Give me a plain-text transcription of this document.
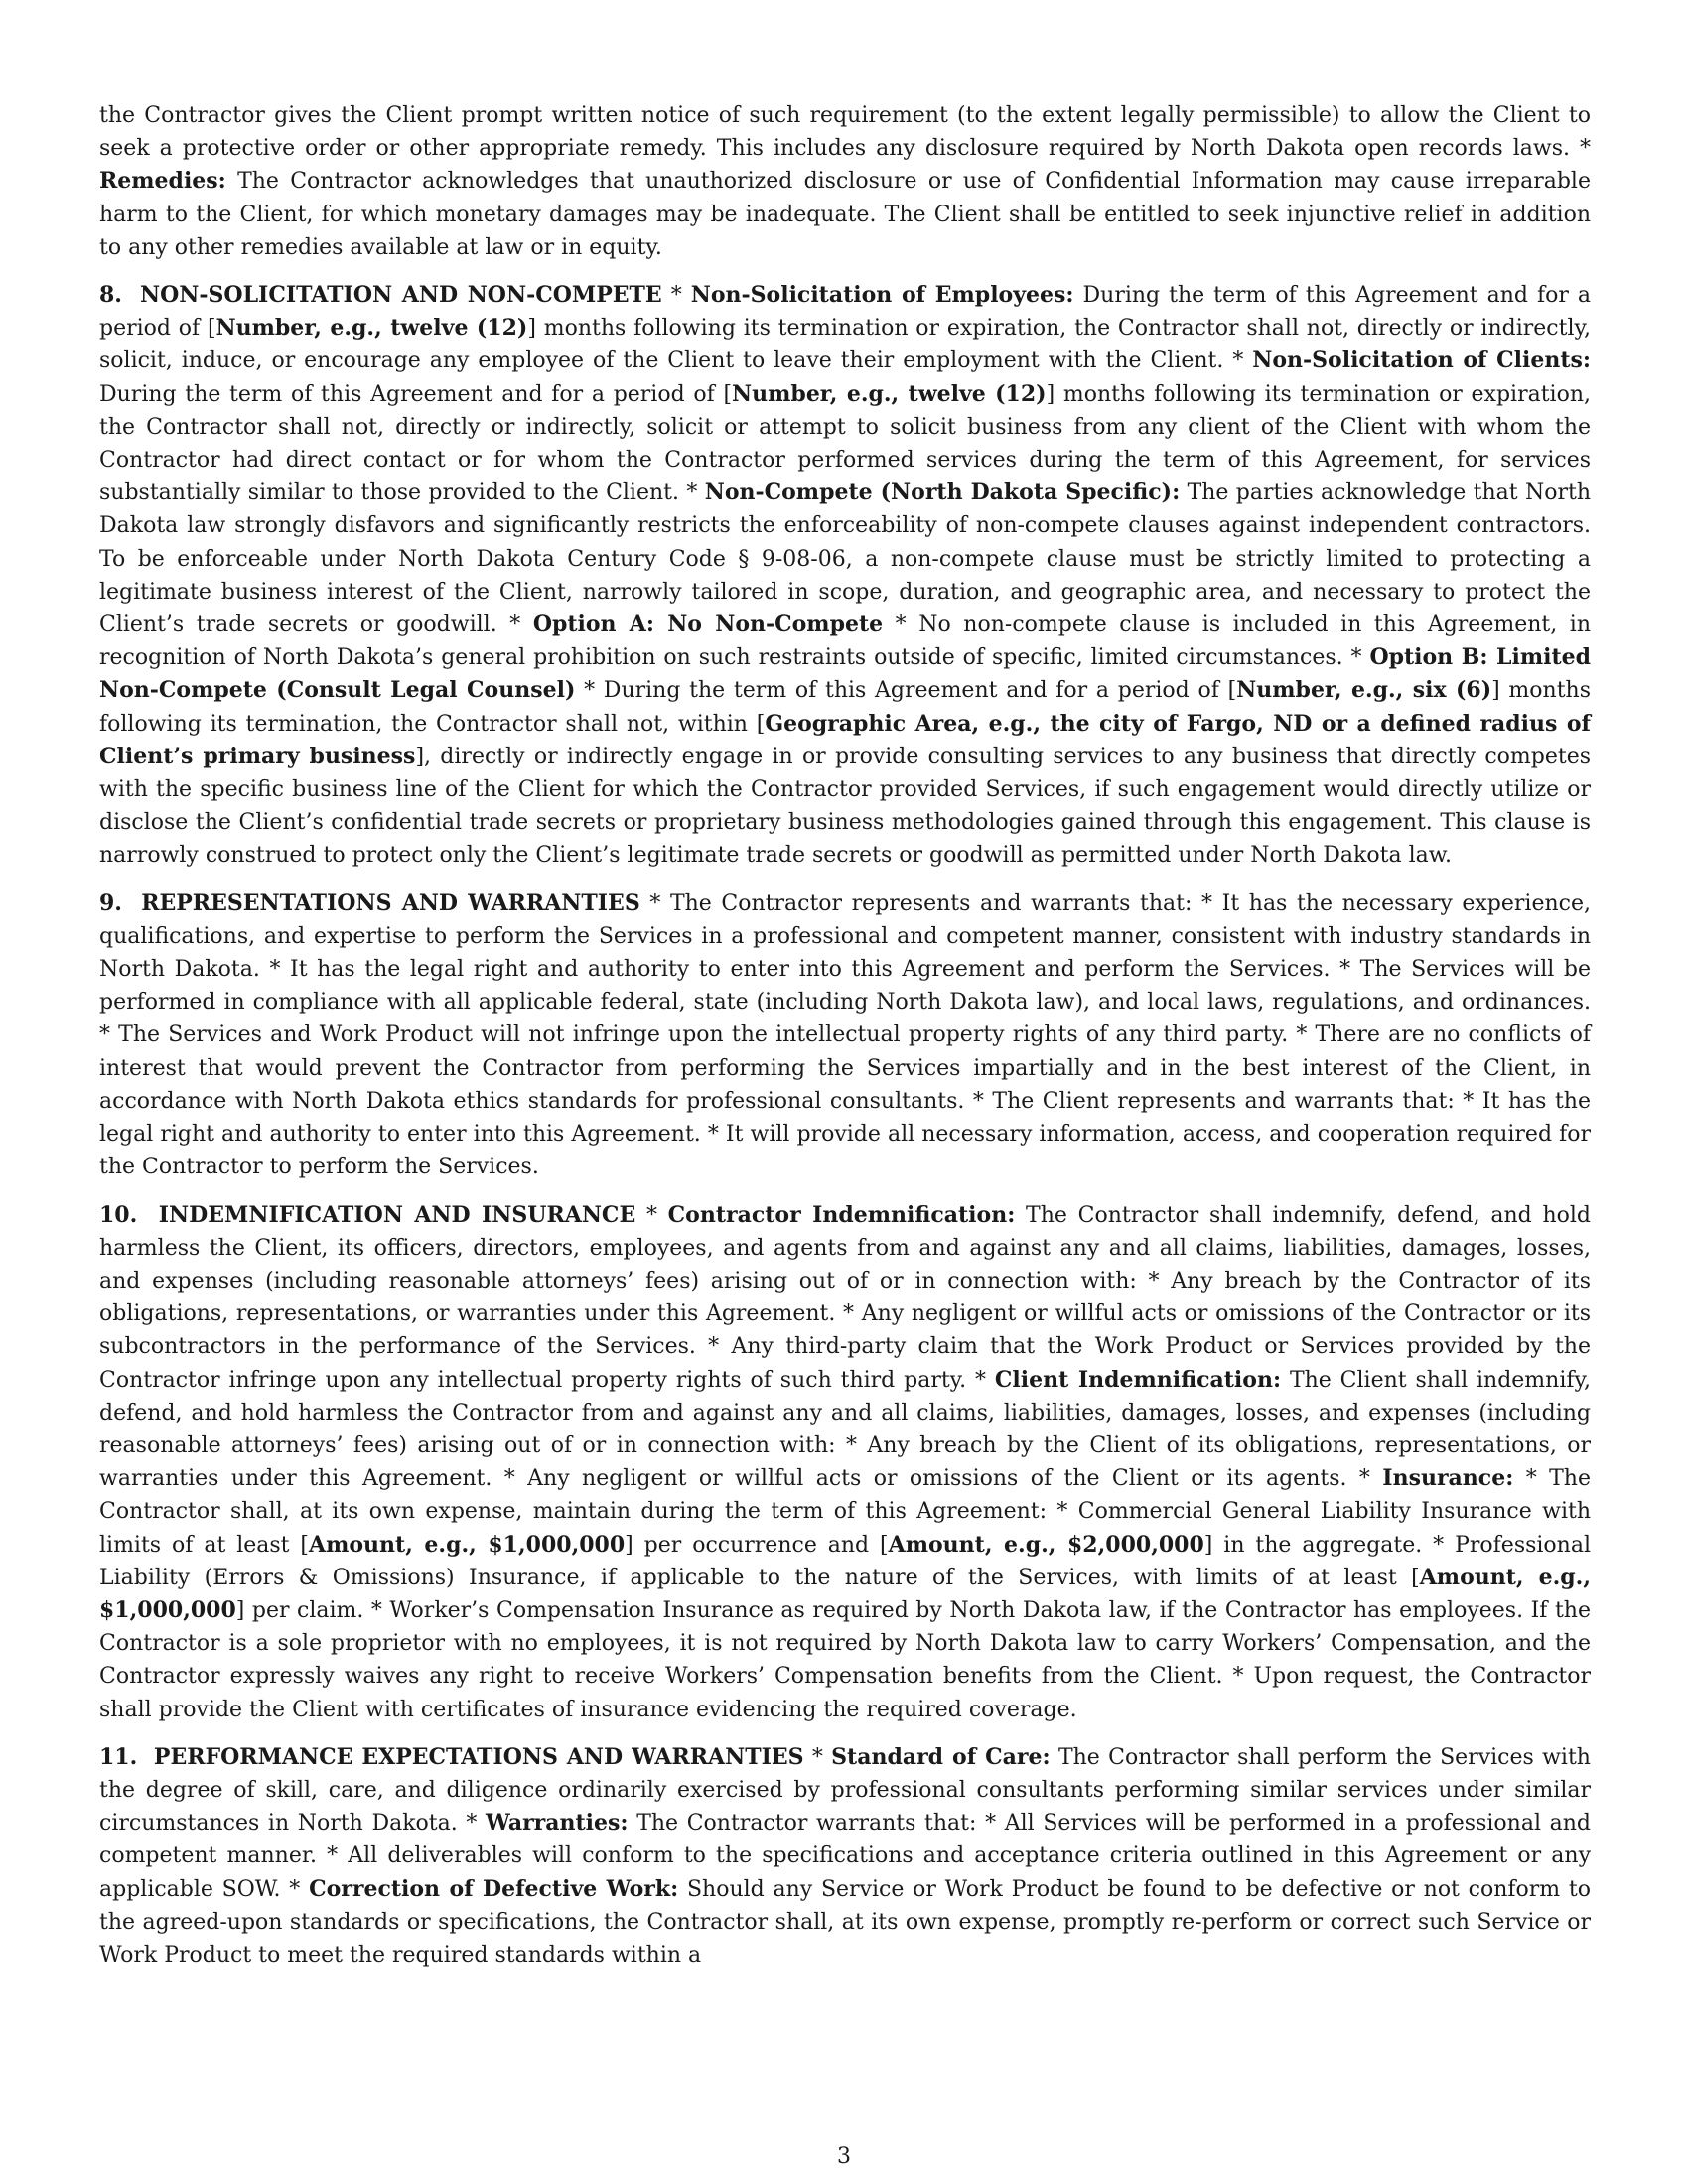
the Contractor gives the Client prompt written notice of such requirement (to the extent legally permissible) to allow the Client to seek a protective order or other appropriate remedy. This includes any disclosure required by North Dakota open records laws. * Remedies: The Contractor acknowledges that unauthorized disclosure or use of Confidential Information may cause irreparable harm to the Client, for which monetary damages may be inadequate. The Client shall be entitled to seek injunctive relief in addition to any other remedies available at law or in equity.

8. NON-SOLICITATION AND NON-COMPETE * Non-Solicitation of Employees: During the term of this Agreement and for a period of [Number, e.g., twelve (12)] months following its termination or expiration, the Contractor shall not, directly or indirectly, solicit, induce, or encourage any employee of the Client to leave their employment with the Client. * Non-Solicitation of Clients: During the term of this Agreement and for a period of [Number, e.g., twelve (12)] months following its termination or expiration, the Contractor shall not, directly or indirectly, solicit or attempt to solicit business from any client of the Client with whom the Contractor had direct contact or for whom the Contractor performed services during the term of this Agreement, for services substantially similar to those provided to the Client. * Non-Compete (North Dakota Specific): The parties acknowledge that North Dakota law strongly disfavors and significantly restricts the enforceability of non-compete clauses against independent contractors. To be enforceable under North Dakota Century Code § 9-08-06, a non-compete clause must be strictly limited to protecting a legitimate business interest of the Client, narrowly tailored in scope, duration, and geographic area, and necessary to protect the Client’s trade secrets or goodwill. * Option A: No Non-Compete * No non-compete clause is included in this Agreement, in recognition of North Dakota’s general prohibition on such restraints outside of specific, limited circumstances. * Option B: Limited Non-Compete (Consult Legal Counsel) * During the term of this Agreement and for a period of [Number, e.g., six (6)] months following its termination, the Contractor shall not, within [Geographic Area, e.g., the city of Fargo, ND or a defined radius of Client’s primary business], directly or indirectly engage in or provide consulting services to any business that directly competes with the specific business line of the Client for which the Contractor provided Services, if such engagement would directly utilize or disclose the Client’s confidential trade secrets or proprietary business methodologies gained through this engagement. This clause is narrowly construed to protect only the Client’s legitimate trade secrets or goodwill as permitted under North Dakota law.

9. REPRESENTATIONS AND WARRANTIES * The Contractor represents and warrants that: * It has the necessary experience, qualifications, and expertise to perform the Services in a professional and competent manner, consistent with industry standards in North Dakota. * It has the legal right and authority to enter into this Agreement and perform the Services. * The Services will be performed in compliance with all applicable federal, state (including North Dakota law), and local laws, regulations, and ordinances. * The Services and Work Product will not infringe upon the intellectual property rights of any third party. * There are no conflicts of interest that would prevent the Contractor from performing the Services impartially and in the best interest of the Client, in accordance with North Dakota ethics standards for professional consultants. * The Client represents and warrants that: * It has the legal right and authority to enter into this Agreement. * It will provide all necessary information, access, and cooperation required for the Contractor to perform the Services.

10. INDEMNIFICATION AND INSURANCE * Contractor Indemnification: The Contractor shall indemnify, defend, and hold harmless the Client, its officers, directors, employees, and agents from and against any and all claims, liabilities, damages, losses, and expenses (including reasonable attorneys’ fees) arising out of or in connection with: * Any breach by the Contractor of its obligations, representations, or warranties under this Agreement. * Any negligent or willful acts or omissions of the Contractor or its subcontractors in the performance of the Services. * Any third-party claim that the Work Product or Services provided by the Contractor infringe upon any intellectual property rights of such third party. * Client Indemnification: The Client shall indemnify, defend, and hold harmless the Contractor from and against any and all claims, liabilities, damages, losses, and expenses (including reasonable attorneys’ fees) arising out of or in connection with: * Any breach by the Client of its obligations, representations, or warranties under this Agreement. * Any negligent or willful acts or omissions of the Client or its agents. * Insurance: * The Contractor shall, at its own expense, maintain during the term of this Agreement: * Commercial General Liability Insurance with limits of at least [Amount, e.g., $1,000,000] per occurrence and [Amount, e.g., $2,000,000] in the aggregate. * Professional Liability (Errors & Omissions) Insurance, if applicable to the nature of the Services, with limits of at least [Amount, e.g., $1,000,000] per claim. * Worker’s Compensation Insurance as required by North Dakota law, if the Contractor has employees. If the Contractor is a sole proprietor with no employees, it is not required by North Dakota law to carry Workers’ Compensation, and the Contractor expressly waives any right to receive Workers’ Compensation benefits from the Client. * Upon request, the Contractor shall provide the Client with certificates of insurance evidencing the required coverage.

11. PERFORMANCE EXPECTATIONS AND WARRANTIES * Standard of Care: The Contractor shall perform the Services with the degree of skill, care, and diligence ordinarily exercised by professional consultants performing similar services under similar circumstances in North Dakota. * Warranties: The Contractor warrants that: * All Services will be performed in a professional and competent manner. * All deliverables will conform to the specifications and acceptance criteria outlined in this Agreement or any applicable SOW. * Correction of Defective Work: Should any Service or Work Product be found to be defective or not conform to the agreed-upon standards or specifications, the Contractor shall, at its own expense, promptly re-perform or correct such Service or Work Product to meet the required standards within a

3
